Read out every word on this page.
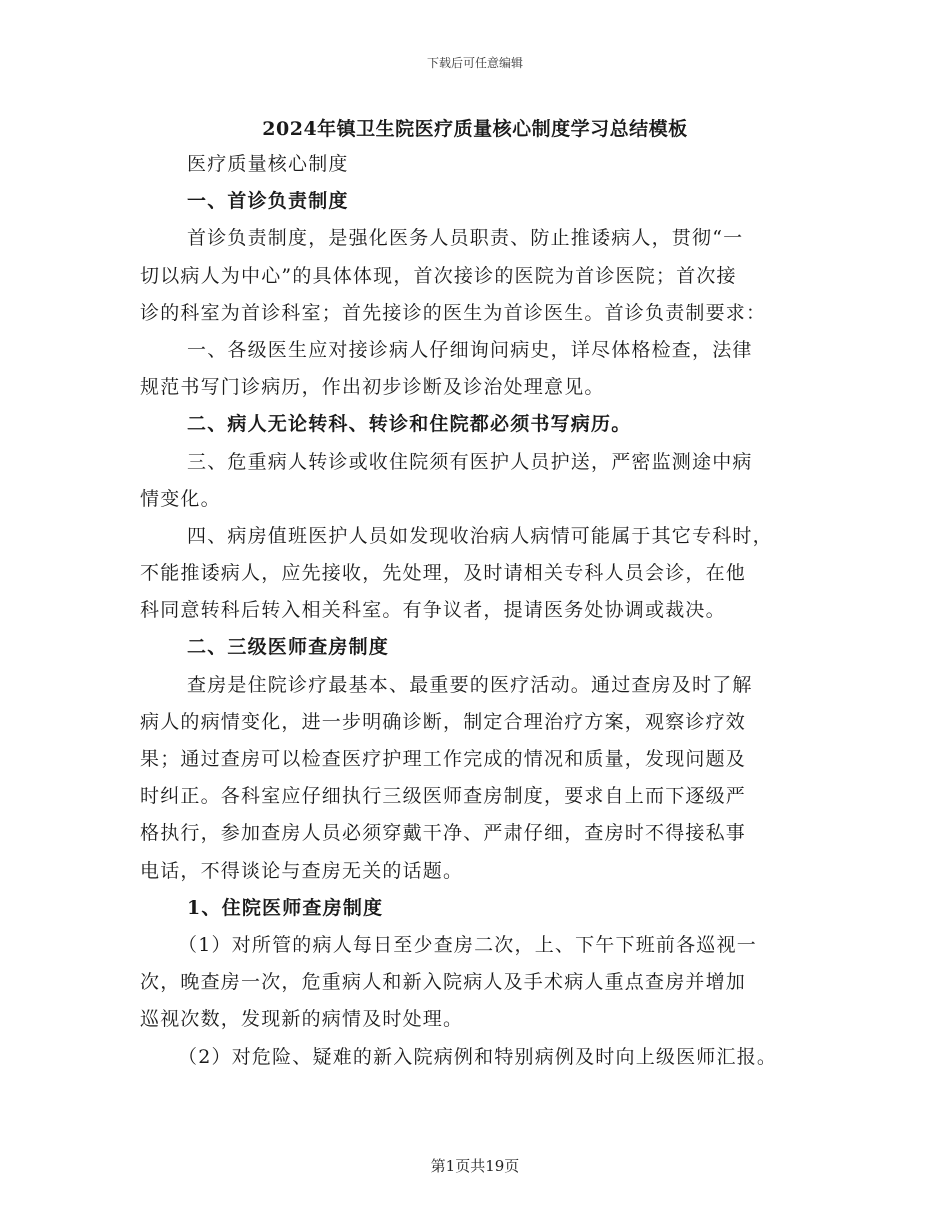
下载后可任意编辑
2024年镇卫生院医疗质量核心制度学习总结模板
医疗质量核心制度
一、首诊负责制度
首诊负责制度，是强化医务人员职责、防止推诿病人，贯彻“一
切以病人为中心”的具体体现，首次接诊的医院为首诊医院；首次接
诊的科室为首诊科室；首先接诊的医生为首诊医生。首诊负责制要求：
一、各级医生应对接诊病人仔细询问病史，详尽体格检查，法律
规范书写门诊病历，作出初步诊断及诊治处理意见。
二、病人无论转科、转诊和住院都必须书写病历。
三、危重病人转诊或收住院须有医护人员护送，严密监测途中病
情变化。
四、病房值班医护人员如发现收治病人病情可能属于其它专科时，
不能推诿病人，应先接收，先处理，及时请相关专科人员会诊，在他
科同意转科后转入相关科室。有争议者，提请医务处协调或裁决。
二、三级医师查房制度
查房是住院诊疗最基本、最重要的医疗活动。通过查房及时了解
病人的病情变化，进一步明确诊断，制定合理治疗方案，观察诊疗效
果；通过查房可以检查医疗护理工作完成的情况和质量，发现问题及
时纠正。各科室应仔细执行三级医师查房制度，要求自上而下逐级严
格执行，参加查房人员必须穿戴干净、严肃仔细，查房时不得接私事
电话，不得谈论与查房无关的话题。
1、住院医师查房制度
（1）对所管的病人每日至少查房二次，上、下午下班前各巡视一
次，晚查房一次，危重病人和新入院病人及手术病人重点查房并增加
巡视次数，发现新的病情及时处理。
（2）对危险、疑难的新入院病例和特别病例及时向上级医师汇报。
第1页共19页
